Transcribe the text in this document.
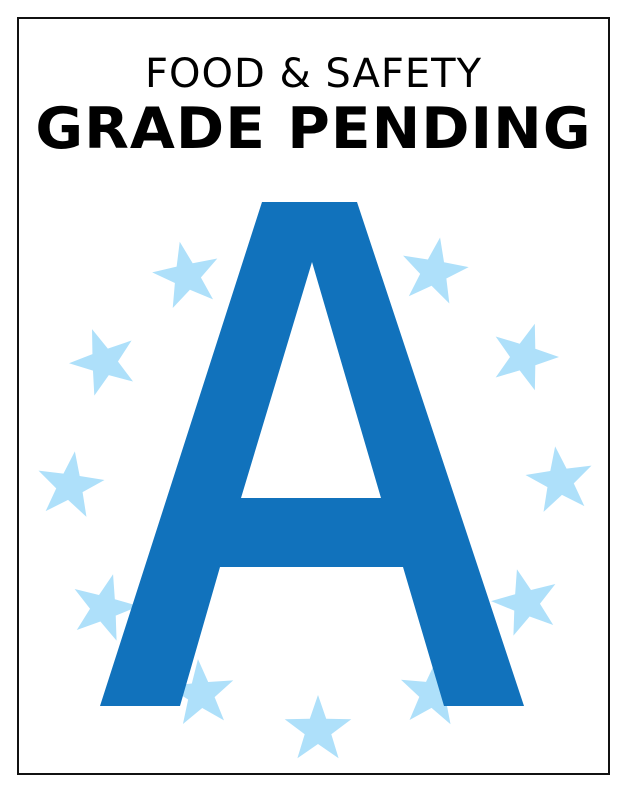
FOOD & SAFETY
GRADE PENDING
